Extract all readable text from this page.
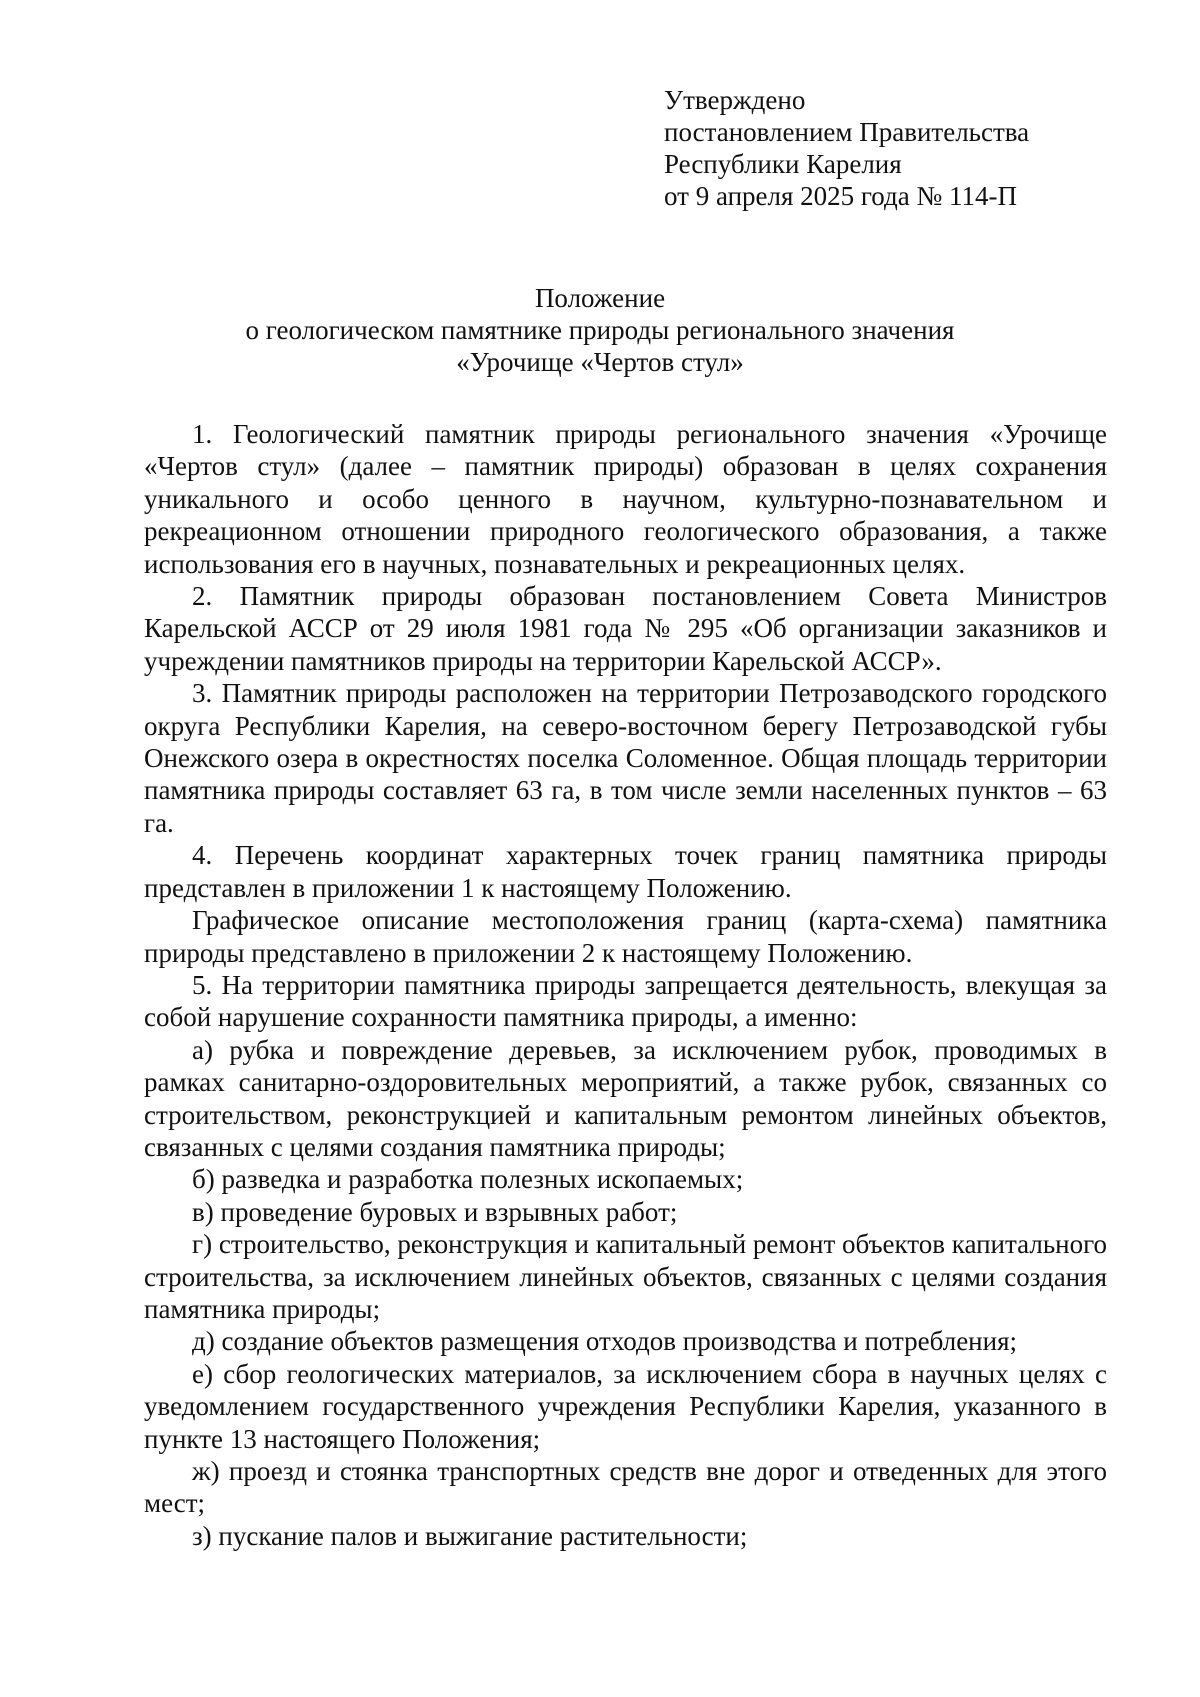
Утверждено
постановлением Правительства
Республики Карелия
от 9 апреля 2025 года № 114-П
Положение
о геологическом памятнике природы регионального значения
«Урочище «Чертов стул»

1. Геологический памятник природы регионального значения «Урочище «Чертов стул» (далее – памятник природы) образован в целях сохранения уникального и особо ценного в научном, культурно-познавательном и рекреационном отношении природного геологического образования, а также использования его в научных, познавательных и рекреационных целях.

2. Памятник природы образован постановлением Совета Министров Карельской АССР от 29 июля 1981 года № 295 «Об организации заказников и учреждении памятников природы на территории Карельской АССР».

3. Памятник природы расположен на территории Петрозаводского городского округа Республики Карелия, на северо-восточном берегу Петрозаводской губы Онежского озера в окрестностях поселка Соломенное. Общая площадь территории памятника природы составляет 63 га, в том числе земли населенных пунктов – 63 га.

4. Перечень координат характерных точек границ памятника природы представлен в приложении 1 к настоящему Положению.

Графическое описание местоположения границ (карта-схема) памятника природы представлено в приложении 2 к настоящему Положению.

5. На территории памятника природы запрещается деятельность, влекущая за собой нарушение сохранности памятника природы, а именно:

а) рубка и повреждение деревьев, за исключением рубок, проводимых в рамках санитарно-оздоровительных мероприятий, а также рубок, связанных со строительством, реконструкцией и капитальным ремонтом линейных объектов, связанных с целями создания памятника природы;

б) разведка и разработка полезных ископаемых;

в) проведение буровых и взрывных работ;

г) строительство, реконструкция и капитальный ремонт объектов капитального строительства, за исключением линейных объектов, связанных с целями создания памятника природы;

д) создание объектов размещения отходов производства и потребления;

е) сбор геологических материалов, за исключением сбора в научных целях с уведомлением государственного учреждения Республики Карелия, указанного в пункте 13 настоящего Положения;

ж) проезд и стоянка транспортных средств вне дорог и отведенных для этого мест;

з) пускание палов и выжигание растительности;
